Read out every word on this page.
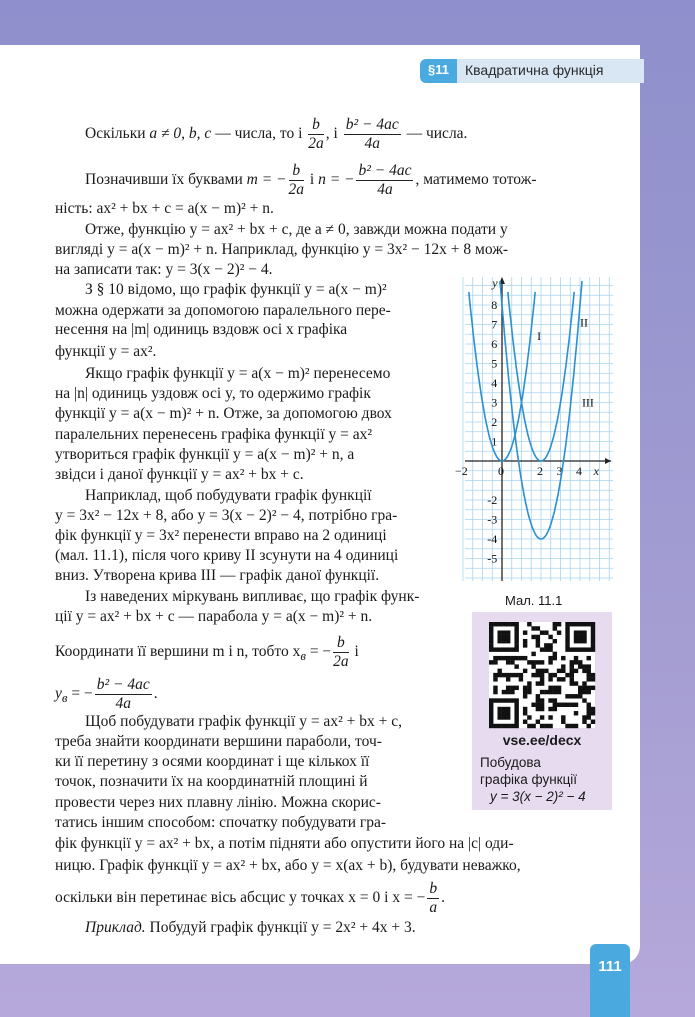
§11	Квадратична функція
Оскільки a ≠ 0, b, c — числа, то і $\frac{b}{2a}$ , і $\frac{\text{b² − 4ac}}{4a}$ — числа.
Позначивши їх буквами m = − $\frac{b}{2a}$ і n = − $\frac{\text{b² − 4ac}}{4a}$ , матимемо тотож-
ність: ax² + bx + c = a(x − m)² + n.
Отже, функцію y = ax² + bx + c, де a ≠ 0, завжди можна подати у
вигляді y = a(x − m)² + n. Наприклад, функцію y = 3x² − 12x + 8 мож-
на записати так: y = 3(x − 2)² − 4.
З § 10 відомо, що графік функції y = a(x − m)²
можна одержати за допомогою паралельного пере-
несення на |m| одиниць вздовж осі x графіка
функції y = ax².
Якщо графік функції y = a(x − m)² перенесемо
на |n| одиниць уздовж осі y, то одержимо графік
функції y = a(x − m)² + n. Отже, за допомогою двох
паралельних перенесень графіка функції y = ax²
утвориться графік функції y = a(x − m)² + n, а
звідси і даної функції y = ax² + bx + c.
Наприклад, щоб побудувати графік функції
y = 3x² − 12x + 8, або y = 3(x − 2)² − 4, потрібно гра-
фік функції y = 3x² перенести вправо на 2 одиниці
(мал. 11.1), після чого криву II зсунути на 4 одиниці
вниз. Утворена крива III — графік даної функції.
Із наведених міркувань випливає, що графік функ-
ції y = ax² + bx + c — парабола y = a(x − m)² + n.
Координати її вершини m і n, тобто $x_в$ = − $\frac{b}{2a}$ і
$y_в$ = − $\frac{\text{b² − 4ac}}{4a}$ .
Щоб побудувати графік функції y = ax² + bx + c,
треба знайти координати вершини параболи, точ-
ки її перетину з осями координат і ще кількох її
точок, позначити їх на координатній площині й
провести через них плавну лінію. Можна скорис-
татись іншим способом: спочатку побудувати гра-
фік функції y = ax² + bx, а потім підняти або опустити його на |c| оди-
ницю. Графік функції y = ax² + bx, або y = x(ax + b), будувати неважко,
оскільки він перетинає вісь абсцис у точках x = 0 і x = − $\frac{b}{a}$ .
Приклад. Побудуй графік функції y = 2x² + 4x + 3.
y
x
8
7
6
5
4
3
2
1
-2
-3
-4
-5
−2	0	2 3 4
I
II
III
Мал. 11.1
vse.ee/decx
Побудова
графіка функції
y = 3(x − 2)² − 4
111
